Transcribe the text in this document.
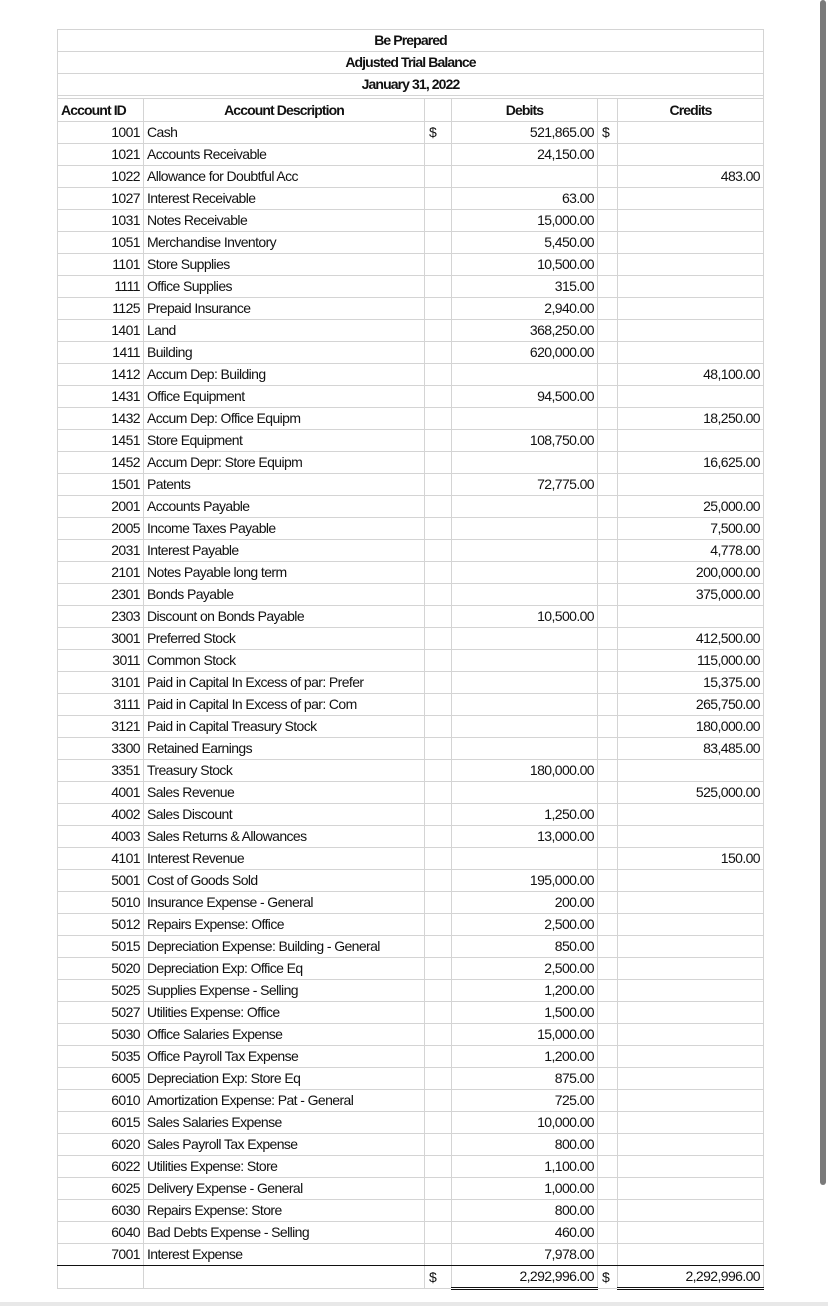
Be Prepared					
Adjusted Trial Balance					
January 31, 2022					

Account ID	Account Description		Debits		Credits
1001	Cash	$	521,865.00	$	
1021	Accounts Receivable		24,150.00		
1022	Allowance for Doubtful Acc				483.00
1027	Interest Receivable		63.00		
1031	Notes Receivable		15,000.00		
1051	Merchandise Inventory		5,450.00		
1101	Store Supplies		10,500.00		
1111	Office Supplies		315.00		
1125	Prepaid Insurance		2,940.00		
1401	Land		368,250.00		
1411	Building		620,000.00		
1412	Accum Dep: Building				48,100.00
1431	Office Equipment		94,500.00		
1432	Accum Dep: Office Equipm				18,250.00
1451	Store Equipment		108,750.00		
1452	Accum Depr: Store Equipm				16,625.00
1501	Patents		72,775.00		
2001	Accounts Payable				25,000.00
2005	Income Taxes Payable				7,500.00
2031	Interest Payable				4,778.00
2101	Notes Payable long term				200,000.00
2301	Bonds Payable				375,000.00
2303	Discount on Bonds Payable		10,500.00		
3001	Preferred Stock				412,500.00
3011	Common Stock				115,000.00
3101	Paid in Capital In Excess of par: Prefer				15,375.00
3111	Paid in Capital In Excess of par: Com				265,750.00
3121	Paid in Capital Treasury Stock				180,000.00
3300	Retained Earnings				83,485.00
3351	Treasury Stock		180,000.00		
4001	Sales Revenue				525,000.00
4002	Sales Discount		1,250.00		
4003	Sales Returns & Allowances		13,000.00		
4101	Interest Revenue				150.00
5001	Cost of Goods Sold		195,000.00		
5010	Insurance Expense - General		200.00		
5012	Repairs Expense: Office		2,500.00		
5015	Depreciation Expense: Building - General		850.00		
5020	Depreciation Exp: Office Eq		2,500.00		
5025	Supplies Expense - Selling		1,200.00		
5027	Utilities Expense: Office		1,500.00		
5030	Office Salaries Expense		15,000.00		
5035	Office Payroll Tax Expense		1,200.00		
6005	Depreciation Exp: Store Eq		875.00		
6010	Amortization Expense: Pat - General		725.00		
6015	Sales Salaries Expense		10,000.00		
6020	Sales Payroll Tax Expense		800.00		
6022	Utilities Expense: Store		1,100.00		
6025	Delivery Expense - General		1,000.00		
6030	Repairs Expense: Store		800.00		
6040	Bad Debts Expense - Selling		460.00		
7001	Interest Expense		7,978.00		
		$	2,292,996.00	$	2,292,996.00
